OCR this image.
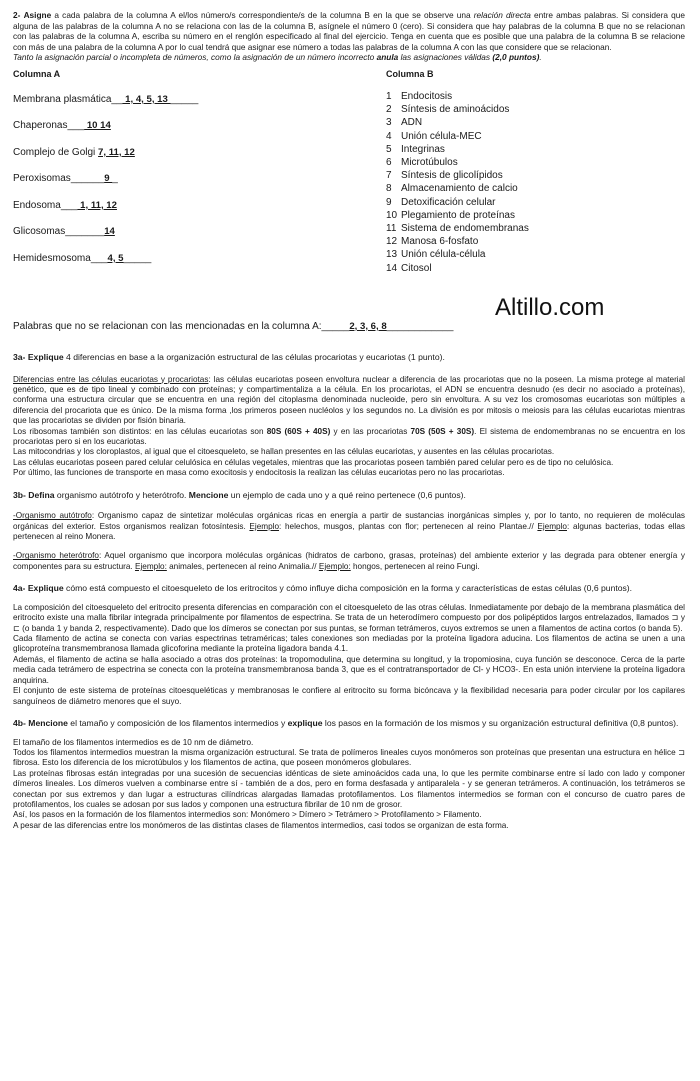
2- Asigne a cada palabra de la columna A el/los número/s correspondiente/s de la columna B en la que se observe una relación directa entre ambas palabras. Si considera que alguna de las palabras de la columna A no se relaciona con las de la columna B, asígnele el número 0 (cero). Si considera que hay palabras de la columna B que no se relacionan con las palabras de la columna A, escriba su número en el renglón especificado al final del ejercicio. Tenga en cuenta que es posible que una palabra de la columna B se relacione con más de una palabra de la columna A por lo cual tendrá que asignar ese número a todas las palabras de la columna A con las que considere que se relacionan.

Tanto la asignación parcial o incompleta de números, como la asignación de un número incorrecto anula las asignaciones válidas (2,0 puntos).

Columna A

Membrana plasmática__ 1, 4, 5, 13 _____

Chaperonas___ 10 14

Complejo de Golgi 7, 11, 12

Peroxisomas______9 _

Endosoma___ 1, 11, 12

Glicosomas_______14

Hemidesmosoma___4, 5_____

Columna B

1 Endocitosis
2 Síntesis de aminoácidos
3 ADN
4 Unión célula-MEC
5 Integrinas
6 Microtúbulos
7 Síntesis de glicolípidos
8 Almacenamiento de calcio
9 Detoxificación celular
10 Plegamiento de proteínas
11 Sistema de endomembranas
12 Manosa 6-fosfato
13 Unión célula-célula
14 Citosol

Palabras que no se relacionan con las mencionadas en la columna A:_____2, 3, 6, 8____________

3a- Explique 4 diferencias en base a la organización estructural de las células procariotas y eucariotas (1 punto).

Diferencias entre las células eucariotas y procariotas: las células eucariotas poseen envoltura nuclear a diferencia de las procariotas que no la poseen. La misma protege al material genético, que es de tipo lineal y combinado con proteínas; y compartimentaliza a la célula. En los procariotas, el ADN se encuentra desnudo (es decir no asociado a proteínas), conforma una estructura circular que se encuentra en una región del citoplasma denominada nucleoide, pero sin envoltura. A su vez los cromosomas eucariotas son múltiples a diferencia del procariota que es único. De la misma forma ,los primeros poseen nucléolos y los segundos no. La división es por mitosis o meiosis para las células eucariotas mientras que las procariotas se dividen por fisión binaria.

Los ribosomas también son distintos: en las células eucariotas son 80S (60S + 40S) y en las procariotas 70S (50S + 30S). El sistema de endomembranas no se encuentra en los procariotas pero si en los eucariotas.

Las mitocondrias y los cloroplastos, al igual que el citoesqueleto, se hallan presentes en las células eucariotas, y ausentes en las células procariotas.

Las células eucariotas poseen pared celular celulósica en células vegetales, mientras que las procariotas poseen también pared celular pero es de tipo no celulósica.

Por último, las funciones de transporte en masa como exocitosis y endocitosis la realizan las células eucariotas pero no las procariotas.

3b- Defina organismo autótrofo y heterótrofo. Mencione un ejemplo de cada uno y a qué reino pertenece (0,6 puntos).

-Organismo autótrofo: Organismo capaz de sintetizar moléculas orgánicas ricas en energía a partir de sustancias inorgánicas simples y, por lo tanto, no requieren de moléculas orgánicas del exterior. Estos organismos realizan fotosíntesis. Ejemplo: helechos, musgos, plantas con flor; pertenecen al reino Plantae.// Ejemplo: algunas bacterias, todas ellas pertenecen al reino Monera.

-Organismo heterótrofo: Aquel organismo que incorpora moléculas orgánicas (hidratos de carbono, grasas, proteínas) del ambiente exterior y las degrada para obtener energía y componentes para su estructura. Ejemplo: animales, pertenecen al reino Animalia.// Ejemplo: hongos, pertenecen al reino Fungi.

4a- Explique cómo está compuesto el citoesqueleto de los eritrocitos y cómo influye dicha composición en la forma y características de estas células (0,6 puntos).

La composición del citoesqueleto del eritrocito presenta diferencias en comparación con el citoesqueleto de las otras células. Inmediatamente por debajo de la membrana plasmática del eritrocito existe una malla fibrilar integrada principalmente por filamentos de espectrina. Se trata de un heterodímero compuesto por dos polipéptidos largos entrelazados, llamados ⊐ y ⊏ (o banda 1 y banda 2, respectivamente). Dado que los dímeros se conectan por sus puntas, se forman tetrámeros, cuyos extremos se unen a filamentos de actina cortos (o banda 5).

Cada filamento de actina se conecta con varias espectrinas tetraméricas; tales conexiones son mediadas por la proteína ligadora aducina. Los filamentos de actina se unen a una glicoproteína transmembranosa llamada glicoforina mediante la proteína ligadora banda 4.1.

Además, el filamento de actina se halla asociado a otras dos proteínas: la tropomodulina, que determina su longitud, y la tropomiosina, cuya función se desconoce. Cerca de la parte media cada tetrámero de espectrina se conecta con la proteína transmembranosa banda 3, que es el contratransportador de Cl- y HCO3-. En esta unión interviene la proteína ligadora anquirina.

El conjunto de este sistema de proteínas citoesqueléticas y membranosas le confiere al eritrocito su forma bicóncava y la flexibilidad necesaria para poder circular por los capilares sanguíneos de diámetro menores que el suyo.

4b- Mencione el tamaño y composición de los filamentos intermedios y explique los pasos en la formación de los mismos y su organización estructural definitiva (0,8 puntos).

El tamaño de los filamentos intermedios es de 10 nm de diámetro.

Todos los filamentos intermedios muestran la misma organización estructural. Se trata de polímeros lineales cuyos monómeros son proteínas que presentan una estructura en hélice ⊐ fibrosa. Esto los diferencia de los microtúbulos y los filamentos de actina, que poseen monómeros globulares.

Las proteínas fibrosas están integradas por una sucesión de secuencias idénticas de siete aminoácidos cada una, lo que les permite combinarse entre sí lado con lado y componer dímeros lineales. Los dímeros vuelven a combinarse entre sí - también de a dos, pero en forma desfasada y antiparalela - y se generan tetrámeros. A continuación, los tetrámeros se conectan por sus extremos y dan lugar a estructuras cilíndricas alargadas llamadas protofilamentos. Los filamentos intermedios se forman con el concurso de cuatro pares de protofilamentos, los cuales se adosan por sus lados y componen una estructura fibrilar de 10 nm de grosor.

Así, los pasos en la formación de los filamentos intermedios son: Monómero > Dímero > Tetrámero > Protofilamento > Filamento.

A pesar de las diferencias entre los monómeros de las distintas clases de filamentos intermedios, casi todos se organizan de esta forma.

Altillo.com
